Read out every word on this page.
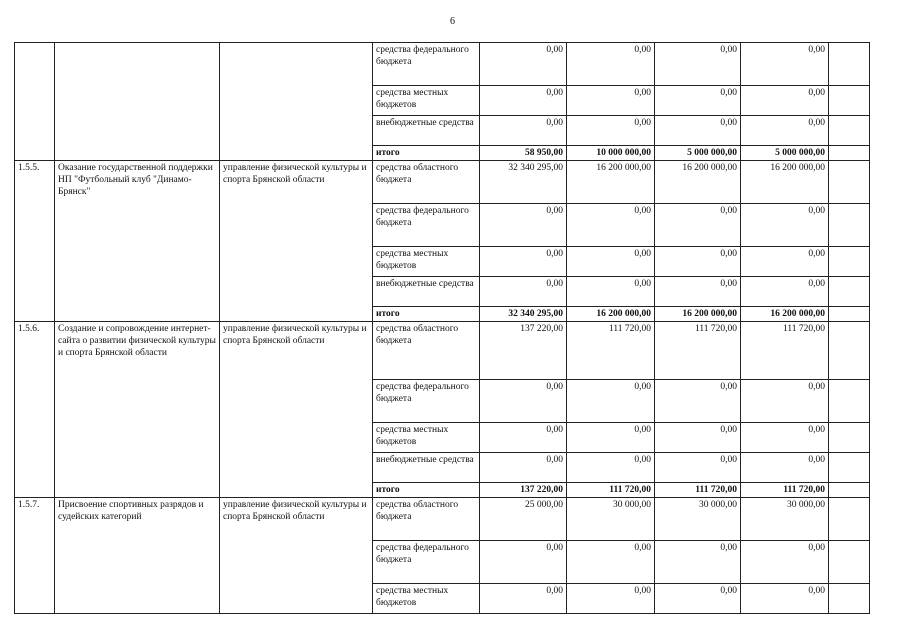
6
			средства федерального бюджета	0,00	0,00	0,00	0,00	
			средства местных бюджетов	0,00	0,00	0,00	0,00	
			внебюджетные средства	0,00	0,00	0,00	0,00	
			итого	58 950,00	10 000 000,00	5 000 000,00	5 000 000,00	
1.5.5.	Оказание государственной поддержки НП "Футбольный клуб "Динамо-Брянск"	управление физической культуры и спорта Брянской области	средства областного бюджета	32 340 295,00	16 200 000,00	16 200 000,00	16 200 000,00	
			средства федерального бюджета	0,00	0,00	0,00	0,00	
			средства местных бюджетов	0,00	0,00	0,00	0,00	
			внебюджетные средства	0,00	0,00	0,00	0,00	
			итого	32 340 295,00	16 200 000,00	16 200 000,00	16 200 000,00	
1.5.6.	Создание и сопровождение интернет-сайта о развитии физической культуры и спорта Брянской области	управление физической культуры и спорта Брянской области	средства областного бюджета	137 220,00	111 720,00	111 720,00	111 720,00	
			средства федерального бюджета	0,00	0,00	0,00	0,00	
			средства местных бюджетов	0,00	0,00	0,00	0,00	
			внебюджетные средства	0,00	0,00	0,00	0,00	
			итого	137 220,00	111 720,00	111 720,00	111 720,00	
1.5.7.	Присвоение спортивных разрядов и судейских категорий	управление физической культуры и спорта Брянской области	средства областного бюджета	25 000,00	30 000,00	30 000,00	30 000,00	
			средства федерального бюджета	0,00	0,00	0,00	0,00	
			средства местных бюджетов	0,00	0,00	0,00	0,00	
